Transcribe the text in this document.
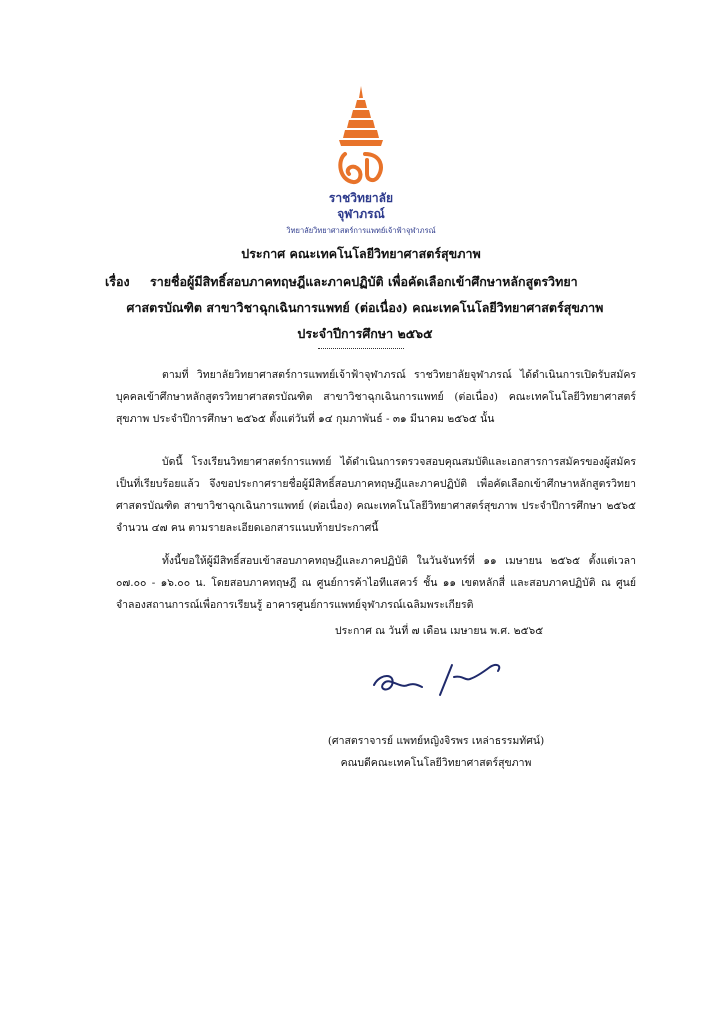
ราชวิทยาลัย
จุฬาภรณ์
วิทยาลัยวิทยาศาสตร์การแพทย์เจ้าฟ้าจุฬาภรณ์
ประกาศ คณะเทคโนโลยีวิทยาศาสตร์สุขภาพ
เรื่อง รายชื่อผู้มีสิทธิ์สอบภาคทฤษฎีและภาคปฏิบัติ เพื่อคัดเลือกเข้าศึกษาหลักสูตรวิทยา
ศาสตรบัณฑิต สาขาวิชาฉุกเฉินการแพทย์ (ต่อเนื่อง) คณะเทคโนโลยีวิทยาศาสตร์สุขภาพ
ประจำปีการศึกษา ๒๕๖๕
ตามที่ วิทยาลัยวิทยาศาสตร์การแพทย์เจ้าฟ้าจุฬาภรณ์ ราชวิทยาลัยจุฬาภรณ์ ได้ดำเนินการเปิดรับสมัครบุคคลเข้าศึกษาหลักสูตรวิทยาศาสตรบัณฑิต สาขาวิชาฉุกเฉินการแพทย์ (ต่อเนื่อง) คณะเทคโนโลยีวิทยาศาสตร์สุขภาพ ประจำปีการศึกษา ๒๕๖๕ ตั้งแต่วันที่ ๑๔ กุมภาพันธ์ - ๓๑ มีนาคม ๒๕๖๕ นั้น
บัดนี้ โรงเรียนวิทยาศาสตร์การแพทย์ ได้ดำเนินการตรวจสอบคุณสมบัติและเอกสารการสมัครของผู้สมัครเป็นที่เรียบร้อยแล้ว จึงขอประกาศรายชื่อผู้มีสิทธิ์สอบภาคทฤษฎีและภาคปฏิบัติ เพื่อคัดเลือกเข้าศึกษาหลักสูตรวิทยาศาสตรบัณฑิต สาขาวิชาฉุกเฉินการแพทย์ (ต่อเนื่อง) คณะเทคโนโลยีวิทยาศาสตร์สุขภาพ ประจำปีการศึกษา ๒๕๖๕ จำนวน ๔๗ คน ตามรายละเอียดเอกสารแนบท้ายประกาศนี้
ทั้งนี้ขอให้ผู้มีสิทธิ์สอบเข้าสอบภาคทฤษฎีและภาคปฏิบัติ ในวันจันทร์ที่ ๑๑ เมษายน ๒๕๖๕ ตั้งแต่เวลา ๐๗.๐๐ - ๑๖.๐๐ น. โดยสอบภาคทฤษฎี ณ ศูนย์การค้าไอทีแสควร์ ชั้น ๑๑ เขตหลักสี่ และสอบภาคปฏิบัติ ณ ศูนย์จำลองสถานการณ์เพื่อการเรียนรู้ อาคารศูนย์การแพทย์จุฬาภรณ์เฉลิมพระเกียรติ
ประกาศ ณ วันที่ ๗ เดือน เมษายน พ.ศ. ๒๕๖๕
(ศาสตราจารย์ แพทย์หญิงจิรพร เหล่าธรรมทัศน์)
คณบดีคณะเทคโนโลยีวิทยาศาสตร์สุขภาพ
